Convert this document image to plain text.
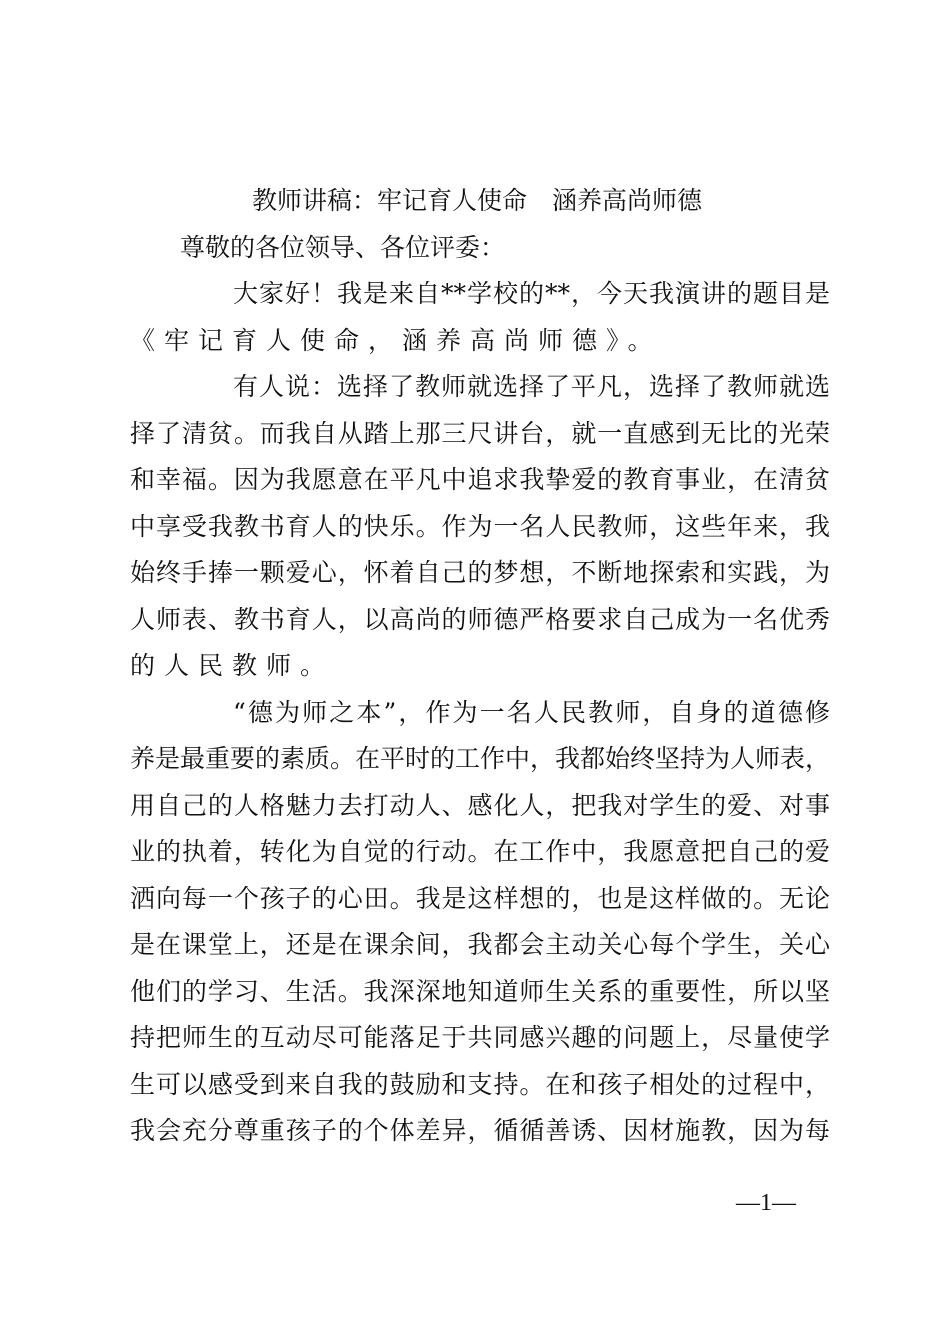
教师讲稿：牢记育人使命　涵养高尚师德
尊敬的各位领导、各位评委：
大家好！我是来自**学校的**，今天我演讲的题目是
《牢记育人使命，涵养高尚师德》。
有人说：选择了教师就选择了平凡，选择了教师就选
择了清贫。而我自从踏上那三尺讲台，就一直感到无比的光荣
和幸福。因为我愿意在平凡中追求我挚爱的教育事业，在清贫
中享受我教书育人的快乐。作为一名人民教师，这些年来，我
始终手捧一颗爱心，怀着自己的梦想，不断地探索和实践，为
人师表、教书育人，以高尚的师德严格要求自己成为一名优秀
的人民教师。
“德为师之本”，作为一名人民教师，自身的道德修
养是最重要的素质。在平时的工作中，我都始终坚持为人师表，
用自己的人格魅力去打动人、感化人，把我对学生的爱、对事
业的执着，转化为自觉的行动。在工作中，我愿意把自己的爱
洒向每一个孩子的心田。我是这样想的，也是这样做的。无论
是在课堂上，还是在课余间，我都会主动关心每个学生，关心
他们的学习、生活。我深深地知道师生关系的重要性，所以坚
持把师生的互动尽可能落足于共同感兴趣的问题上，尽量使学
生可以感受到来自我的鼓励和支持。在和孩子相处的过程中，
我会充分尊重孩子的个体差异，循循善诱、因材施教，因为每
—1—
